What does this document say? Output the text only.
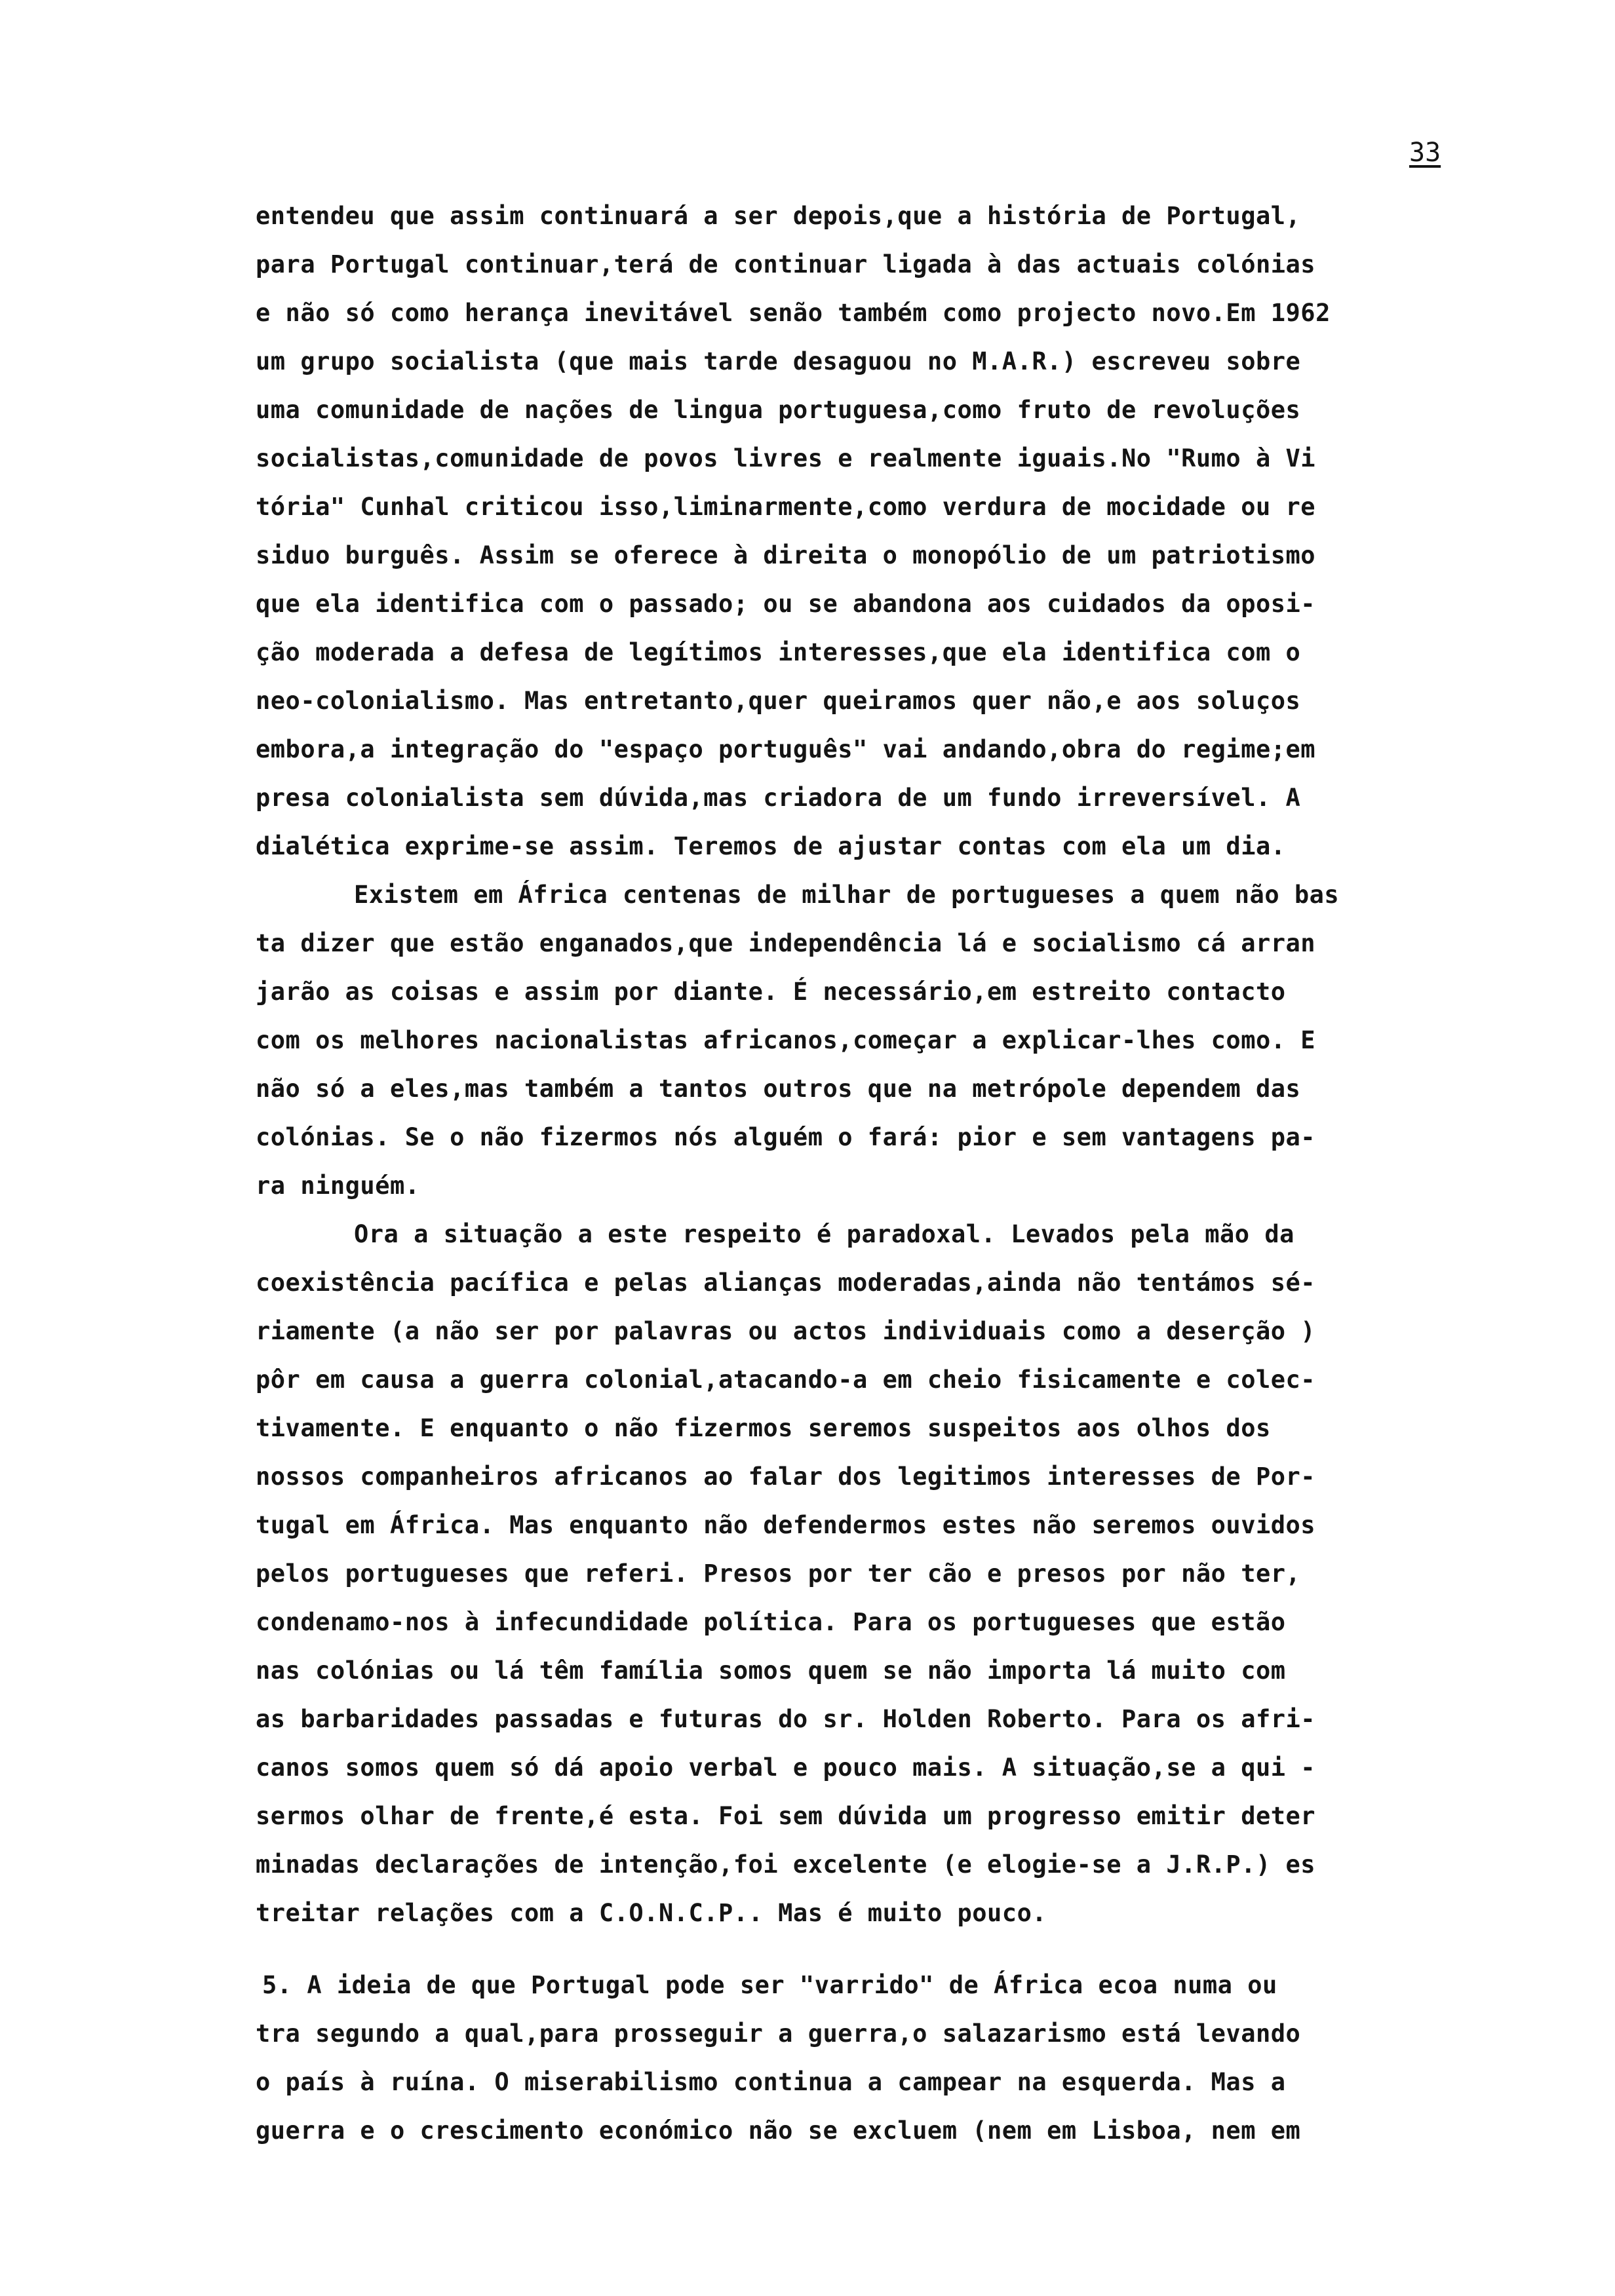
33
entendeu que assim continuará a ser depois,que a história de Portugal,
para Portugal continuar,terá de continuar ligada à das actuais colónias
e não só como herança inevitável senão também como projecto novo.Em 1962
um grupo socialista (que mais tarde desaguou no M.A.R.) escreveu sobre
uma comunidade de nações de lingua portuguesa,como fruto de revoluções
socialistas,comunidade de povos livres e realmente iguais.No "Rumo à Vi
tória" Cunhal criticou isso,liminarmente,como verdura de mocidade ou re
siduo burguês. Assim se oferece à direita o monopólio de um patriotismo
que ela identifica com o passado; ou se abandona aos cuidados da oposi-
ção moderada a defesa de legítimos interesses,que ela identifica com o
neo-colonialismo. Mas entretanto,quer queiramos quer não,e aos soluços
embora,a integração do "espaço português" vai andando,obra do regime;em
presa colonialista sem dúvida,mas criadora de um fundo irreversível. A
dialética exprime-se assim. Teremos de ajustar contas com ela um dia.
Existem em África centenas de milhar de portugueses a quem não bas
ta dizer que estão enganados,que independência lá e socialismo cá arran
jarão as coisas e assim por diante. É necessário,em estreito contacto
com os melhores nacionalistas africanos,começar a explicar-lhes como. E
não só a eles,mas também a tantos outros que na metrópole dependem das
colónias. Se o não fizermos nós alguém o fará: pior e sem vantagens pa-
ra ninguém.
Ora a situação a este respeito é paradoxal. Levados pela mão da
coexistência pacífica e pelas alianças moderadas,ainda não tentámos sé-
riamente (a não ser por palavras ou actos individuais como a deserção )
pôr em causa a guerra colonial,atacando-a em cheio fisicamente e colec-
tivamente. E enquanto o não fizermos seremos suspeitos aos olhos dos
nossos companheiros africanos ao falar dos legitimos interesses de Por-
tugal em África. Mas enquanto não defendermos estes não seremos ouvidos
pelos portugueses que referi. Presos por ter cão e presos por não ter,
condenamo-nos à infecundidade política. Para os portugueses que estão
nas colónias ou lá têm família somos quem se não importa lá muito com
as barbaridades passadas e futuras do sr. Holden Roberto. Para os afri-
canos somos quem só dá apoio verbal e pouco mais. A situação,se a qui -
sermos olhar de frente,é esta. Foi sem dúvida um progresso emitir deter
minadas declarações de intenção,foi excelente (e elogie-se a J.R.P.) es
treitar relações com a C.O.N.C.P.. Mas é muito pouco.
5. A ideia de que Portugal pode ser "varrido" de África ecoa numa ou
tra segundo a qual,para prosseguir a guerra,o salazarismo está levando
o país à ruína. O miserabilismo continua a campear na esquerda. Mas a
guerra e o crescimento económico não se excluem (nem em Lisboa, nem em
